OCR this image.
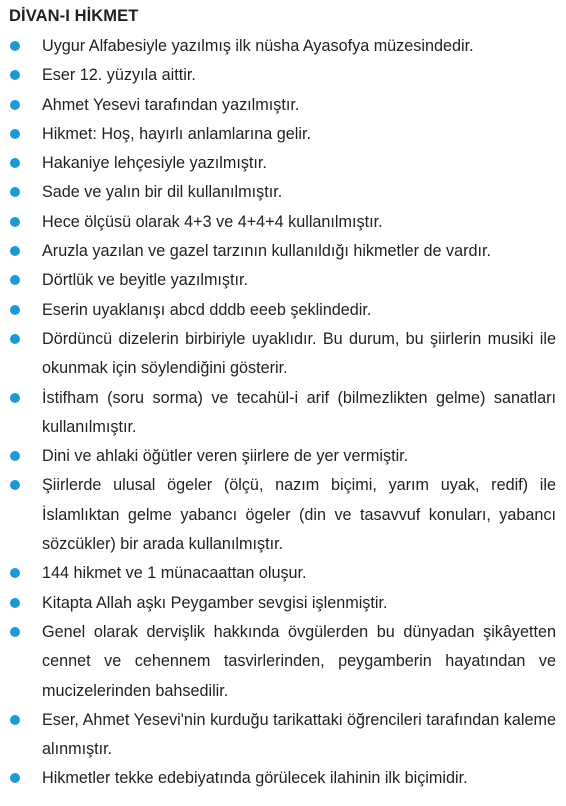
DİVAN-I HİKMET
Uygur Alfabesiyle yazılmış ilk nüsha Ayasofya müzesindedir.
Eser 12. yüzyıla aittir.
Ahmet Yesevi tarafından yazılmıştır.
Hikmet: Hoş, hayırlı anlamlarına gelir.
Hakaniye lehçesiyle yazılmıştır.
Sade ve yalın bir dil kullanılmıştır.
Hece ölçüsü olarak 4+3 ve 4+4+4 kullanılmıştır.
Aruzla yazılan ve gazel tarzının kullanıldığı hikmetler de vardır.
Dörtlük ve beyitle yazılmıştır.
Eserin uyaklanışı abcd dddb eeeb şeklindedir.
Dördüncü dizelerin birbiriyle uyaklıdır. Bu durum, bu şiirlerin musiki ile okunmak için söylendiğini gösterir.
İstifham (soru sorma) ve tecahül-i arif (bilmezlikten gelme) sanatları kullanılmıştır.
Dini ve ahlaki öğütler veren şiirlere de yer vermiştir.
Şiirlerde ulusal ögeler (ölçü, nazım biçimi, yarım uyak, redif) ile İslamlıktan gelme yabancı ögeler (din ve tasavvuf konuları, yabancı sözcükler) bir arada kullanılmıştır.
144 hikmet ve 1 münacaattan oluşur.
Kitapta Allah aşkı Peygamber sevgisi işlenmiştir.
Genel olarak dervişlik hakkında övgülerden bu dünyadan şikâyetten cennet ve cehennem tasvirlerinden, peygamberin hayatından ve mucizelerinden bahsedilir.
Eser, Ahmet Yesevi'nin kurduğu tarikattaki öğrencileri tarafından kaleme alınmıştır.
Hikmetler tekke edebiyatında görülecek ilahinin ilk biçimidir.
